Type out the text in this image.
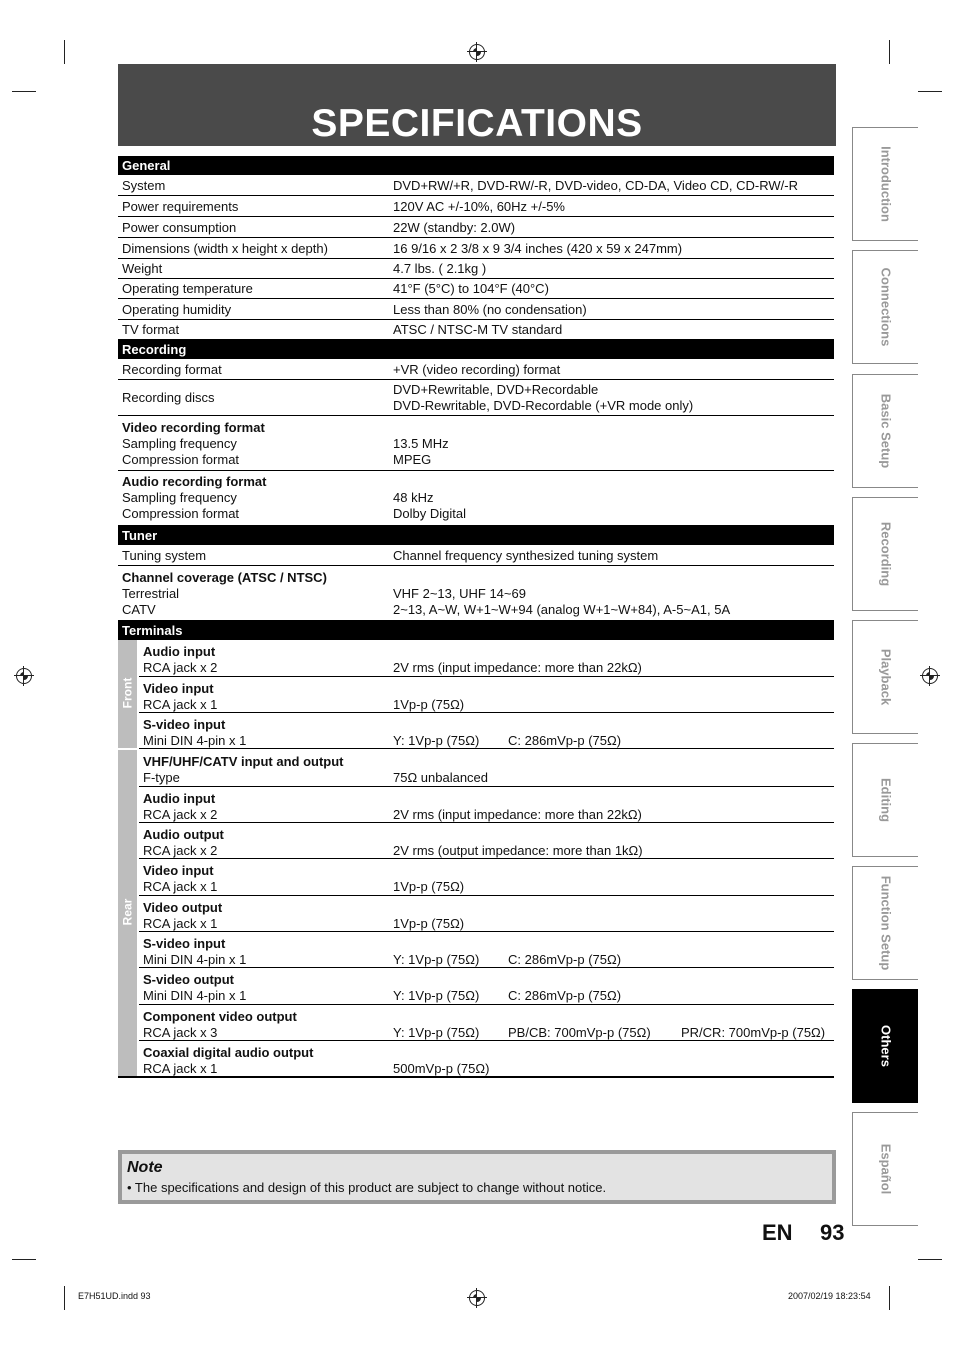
SPECIFICATIONS
General
System	DVD+RW/+R, DVD-RW/-R, DVD-video, CD-DA, Video CD, CD-RW/-R
Power requirements	120V AC +/-10%, 60Hz +/-5%
Power consumption	22W (standby: 2.0W)
Dimensions (width x height x depth)	16 9/16 x 2 3/8 x 9 3/4 inches (420 x 59 x 247mm)
Weight	4.7 lbs. ( 2.1kg )
Operating temperature	41°F (5°C) to 104°F (40°C)
Operating humidity	Less than 80% (no condensation)
TV format	ATSC / NTSC-M TV standard
Recording
Recording format	+VR (video recording) format
Recording discs
DVD+Rewritable, DVD+Recordable
DVD-Rewritable, DVD-Recordable (+VR mode only)
Video recording format
Sampling frequency	13.5 MHz
Compression format	MPEG
Audio recording format
Sampling frequency	48 kHz
Compression format	Dolby Digital
Tuner
Tuning system	Channel frequency synthesized tuning system
Channel coverage (ATSC / NTSC)
Terrestrial	VHF 2~13, UHF 14~69
CATV	2~13, A~W, W+1~W+94 (analog W+1~W+84), A-5~A1, 5A
Terminals
Front
Rear
Audio input
RCA jack x 2	2V rms (input impedance: more than 22kΩ)
Video input
RCA jack x 1	1Vp-p (75Ω)
S-video input
Mini DIN 4-pin x 1	Y: 1Vp-p (75Ω) C: 286mVp-p (75Ω)
VHF/UHF/CATV input and output
F-type	75Ω unbalanced
Audio input
RCA jack x 2	2V rms (input impedance: more than 22kΩ)
Audio output
RCA jack x 2	2V rms (output impedance: more than 1kΩ)
Video input
RCA jack x 1	1Vp-p (75Ω)
Video output
RCA jack x 1	1Vp-p (75Ω)
S-video input
Mini DIN 4-pin x 1	Y: 1Vp-p (75Ω) C: 286mVp-p (75Ω)
S-video output
Mini DIN 4-pin x 1	Y: 1Vp-p (75Ω) C: 286mVp-p (75Ω)
Component video output
RCA jack x 3	Y: 1Vp-p (75Ω) PB/CB: 700mVp-p (75Ω) PR/CR: 700mVp-p (75Ω)
Coaxial digital audio output
RCA jack x 1	500mVp-p (75Ω)
Introduction
Connections
Basic Setup
Recording
Playback
Editing
Function Setup
Others
Español
Note
• The specifications and design of this product are subject to change without notice.
EN 93
E7H51UD.indd 93	2007/02/19 18:23:54
